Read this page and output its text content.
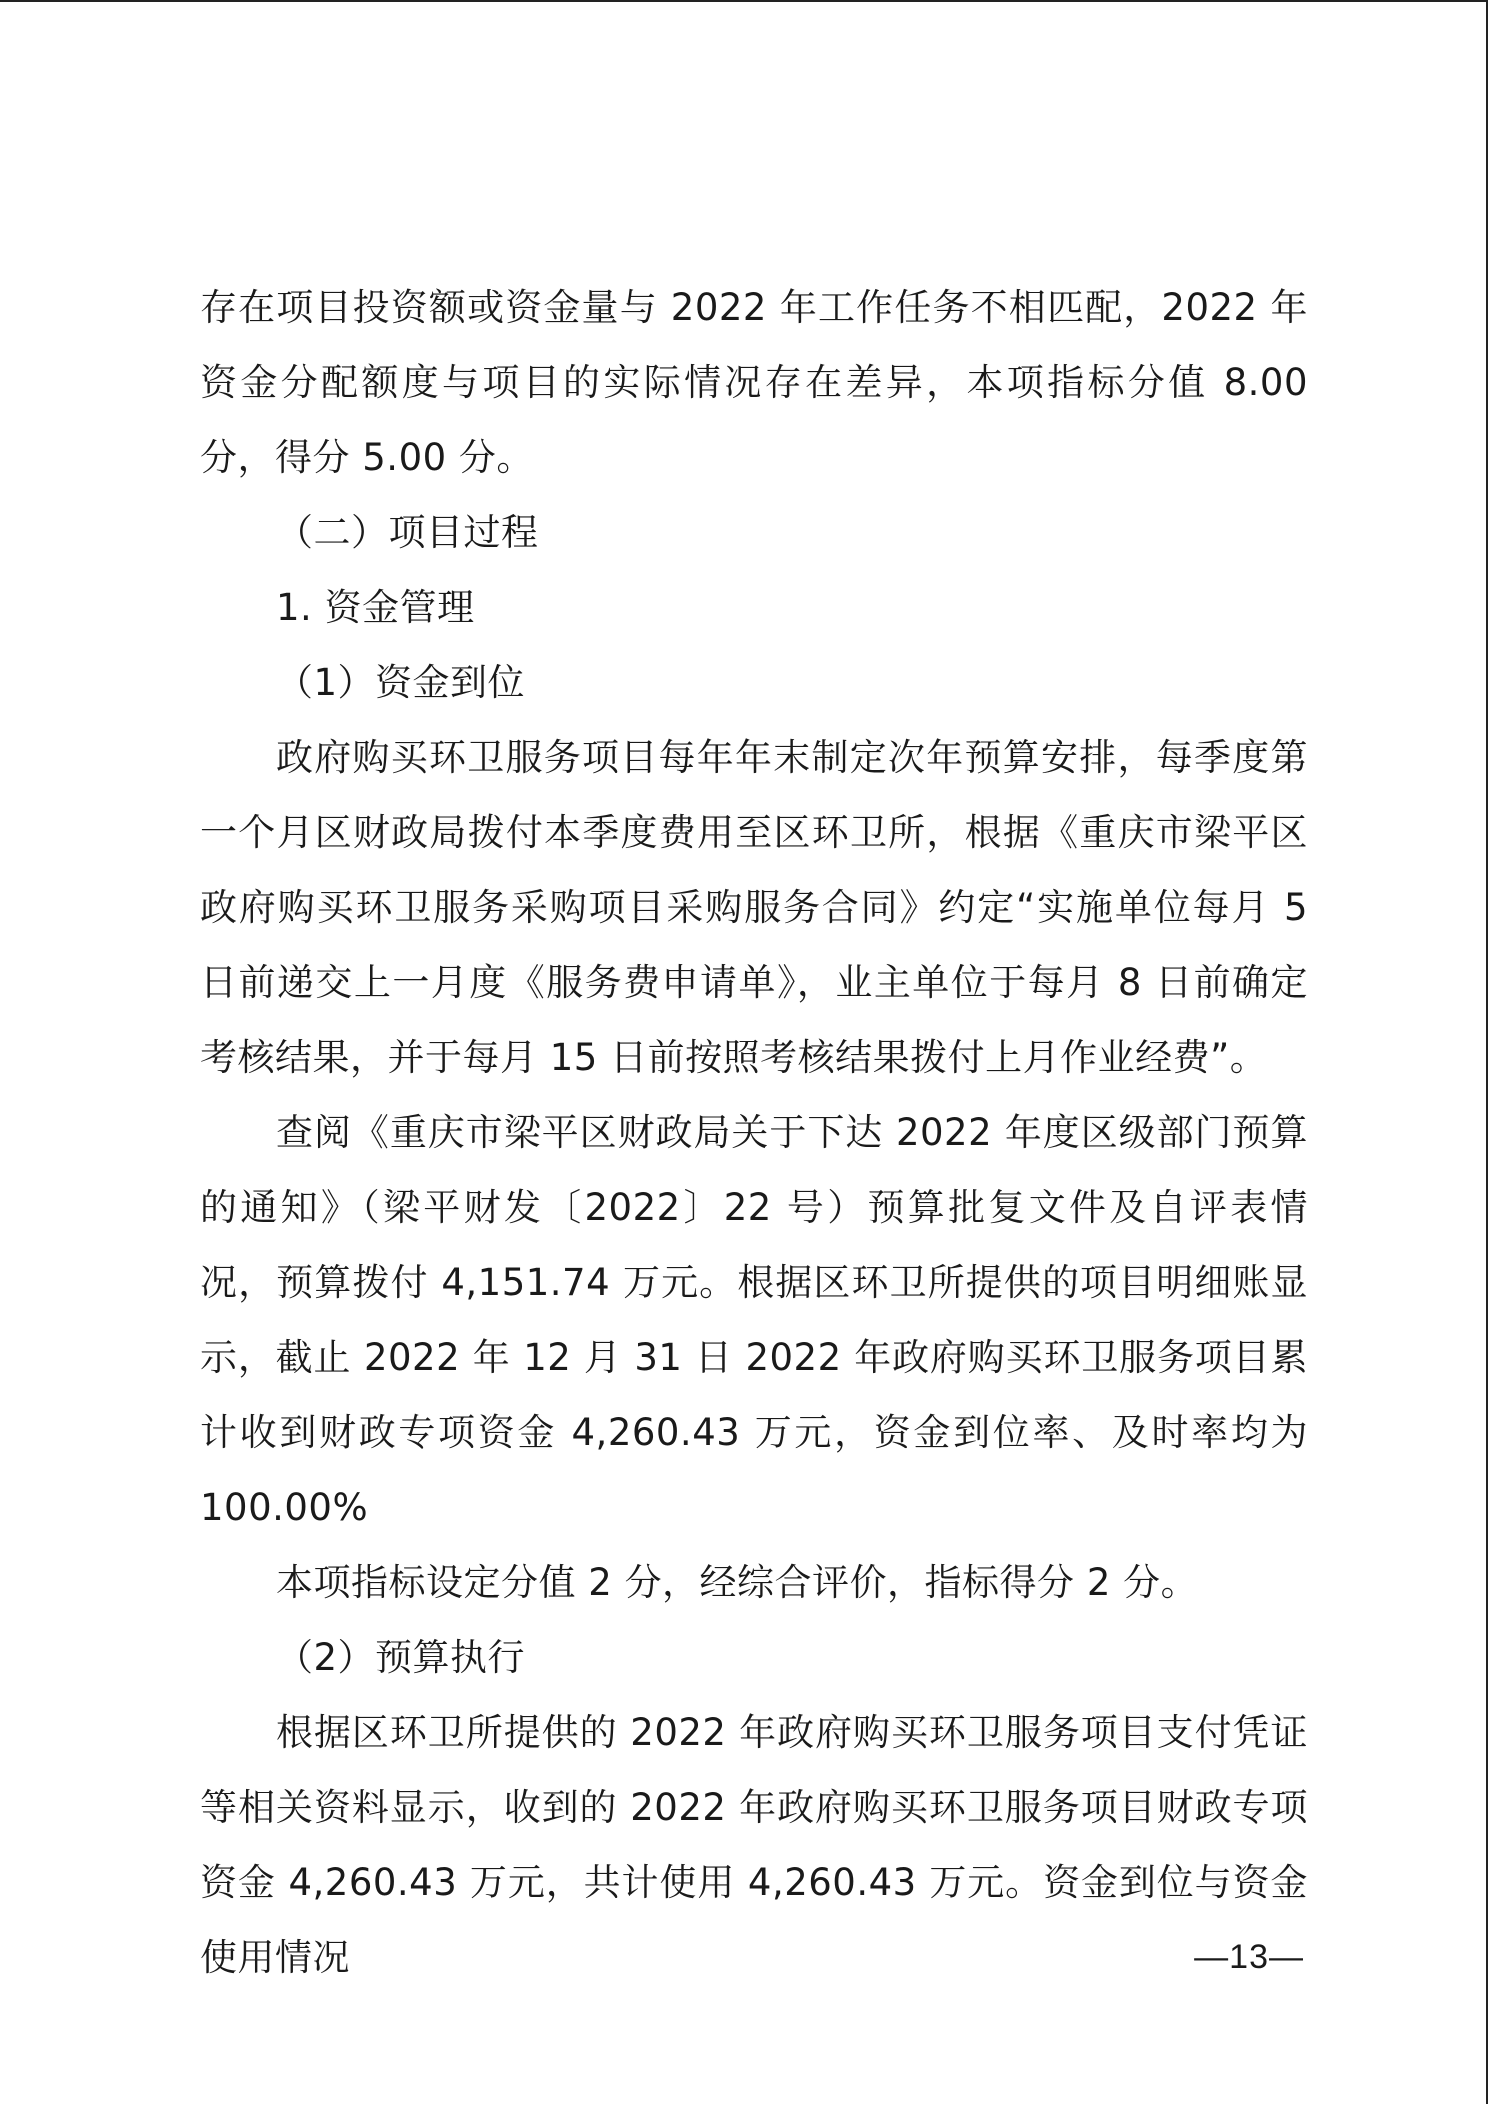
存在项目投资额或资金量与 2022 年工作任务不相匹配，2022 年资金分配额度与项目的实际情况存在差异，本项指标分值 8.00 分，得分 5.00 分。

（二）项目过程

1. 资金管理

（1）资金到位

政府购买环卫服务项目每年年末制定次年预算安排，每季度第一个月区财政局拨付本季度费用至区环卫所，根据《重庆市梁平区政府购买环卫服务采购项目采购服务合同》约定“实施单位每月 5 日前递交上一月度《服务费申请单》，业主单位于每月 8 日前确定考核结果，并于每月 15 日前按照考核结果拨付上月作业经费”。

查阅《重庆市梁平区财政局关于下达 2022 年度区级部门预算的通知》（梁平财发〔2022〕22 号）预算批复文件及自评表情况，预算拨付 4,151.74 万元。根据区环卫所提供的项目明细账显示，截止 2022 年 12 月 31 日 2022 年政府购买环卫服务项目累计收到财政专项资金 4,260.43 万元，资金到位率、及时率均为 100.00%

本项指标设定分值 2 分，经综合评价，指标得分 2 分。

（2）预算执行

根据区环卫所提供的 2022 年政府购买环卫服务项目支付凭证等相关资料显示，收到的 2022 年政府购买环卫服务项目财政专项资金 4,260.43 万元，共计使用 4,260.43 万元。资金到位与资金使用情况	—13—
